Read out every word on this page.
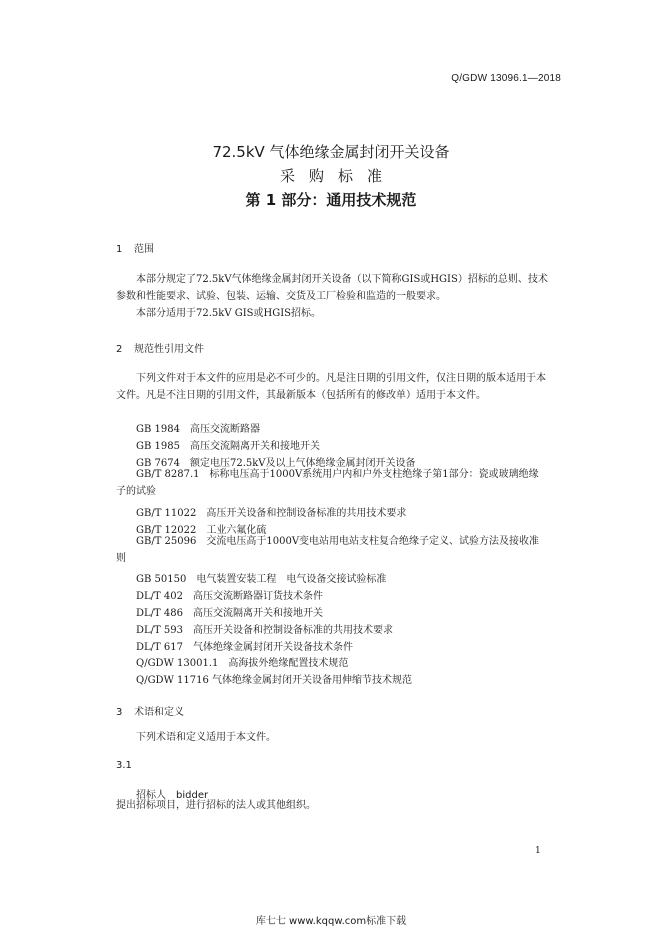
Q/GDW 13096.1—2018
72.5kV 气体绝缘金属封闭开关设备
采购标准
第 1 部分：通用技术规范
1 范围
本部分规定了72.5kV气体绝缘金属封闭开关设备（以下简称GIS或HGIS）招标的总则、技术参数和性能要求、试验、包装、运输、交货及工厂检验和监造的一般要求。
本部分适用于72.5kV GIS或HGIS招标。
2 规范性引用文件
下列文件对于本文件的应用是必不可少的。凡是注日期的引用文件，仅注日期的版本适用于本文件。凡是不注日期的引用文件，其最新版本（包括所有的修改单）适用于本文件。
GB 1984　高压交流断路器
GB 1985　高压交流隔离开关和接地开关
GB 7674　额定电压72.5kV及以上气体绝缘金属封闭开关设备
GB/T 8287.1　标称电压高于1000V系统用户内和户外支柱绝缘子第1部分：瓷或玻璃绝缘子的试验
GB/T 11022　高压开关设备和控制设备标准的共用技术要求
GB/T 12022　工业六氟化硫
GB/T 25096　交流电压高于1000V变电站用电站支柱复合绝缘子定义、试验方法及接收准则
GB 50150　电气装置安装工程　电气设备交接试验标准
DL/T 402　高压交流断路器订货技术条件
DL/T 486　高压交流隔离开关和接地开关
DL/T 593　高压开关设备和控制设备标准的共用技术要求
DL/T 617　气体绝缘金属封闭开关设备技术条件
Q/GDW 13001.1　高海拔外绝缘配置技术规范
Q/GDW 11716 气体绝缘金属封闭开关设备用伸缩节技术规范
3 术语和定义
下列术语和定义适用于本文件。
3.1
招标人　bidder
提出招标项目，进行招标的法人或其他组织。
1
库七七 www.kqqw.com标准下载
